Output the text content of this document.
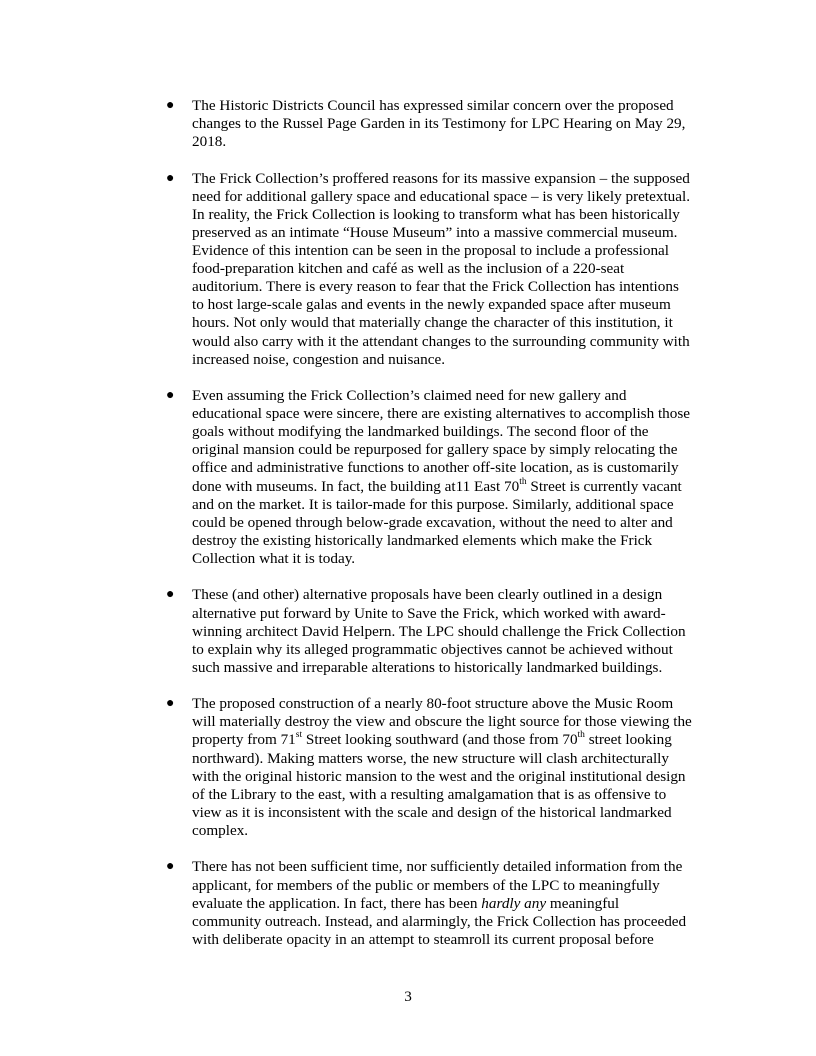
●	The Historic Districts Council has expressed similar concern over the proposed
changes to the Russel Page Garden in its Testimony for LPC Hearing on May 29,
2018.
●	The Frick Collection’s proffered reasons for its massive expansion – the supposed
need for additional gallery space and educational space – is very likely pretextual.
In reality, the Frick Collection is looking to transform what has been historically
preserved as an intimate “House Museum” into a massive commercial museum.
Evidence of this intention can be seen in the proposal to include a professional
food-preparation kitchen and café as well as the inclusion of a 220-seat
auditorium. There is every reason to fear that the Frick Collection has intentions
to host large-scale galas and events in the newly expanded space after museum
hours. Not only would that materially change the character of this institution, it
would also carry with it the attendant changes to the surrounding community with
increased noise, congestion and nuisance.
●	Even assuming the Frick Collection’s claimed need for new gallery and
educational space were sincere, there are existing alternatives to accomplish those
goals without modifying the landmarked buildings. The second floor of the
original mansion could be repurposed for gallery space by simply relocating the
office and administrative functions to another off-site location, as is customarily
done with museums. In fact, the building at11 East 70th Street is currently vacant
and on the market. It is tailor-made for this purpose. Similarly, additional space
could be opened through below-grade excavation, without the need to alter and
destroy the existing historically landmarked elements which make the Frick
Collection what it is today.
●	These (and other) alternative proposals have been clearly outlined in a design
alternative put forward by Unite to Save the Frick, which worked with award-
winning architect David Helpern. The LPC should challenge the Frick Collection
to explain why its alleged programmatic objectives cannot be achieved without
such massive and irreparable alterations to historically landmarked buildings.
●	The proposed construction of a nearly 80-foot structure above the Music Room
will materially destroy the view and obscure the light source for those viewing the
property from 71st Street looking southward (and those from 70th street looking
northward). Making matters worse, the new structure will clash architecturally
with the original historic mansion to the west and the original institutional design
of the Library to the east, with a resulting amalgamation that is as offensive to
view as it is inconsistent with the scale and design of the historical landmarked
complex.
●	There has not been sufficient time, nor sufficiently detailed information from the
applicant, for members of the public or members of the LPC to meaningfully
evaluate the application. In fact, there has been hardly any meaningful
community outreach. Instead, and alarmingly, the Frick Collection has proceeded
with deliberate opacity in an attempt to steamroll its current proposal before
3
